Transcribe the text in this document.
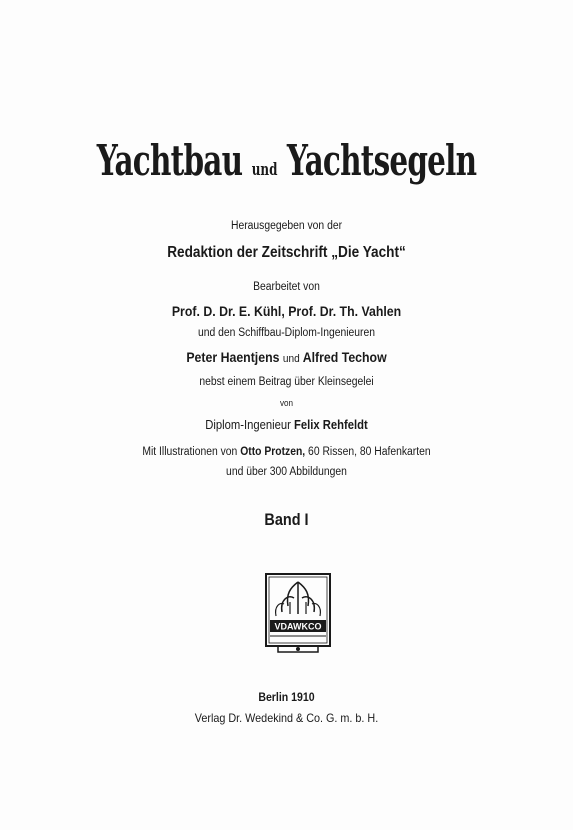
Yachtbau und Yachtsegeln
Herausgegeben von der
Redaktion der Zeitschrift „Die Yacht“
Bearbeitet von
Prof. D. Dr. E. Kühl, Prof. Dr. Th. Vahlen
und den Schiffbau-Diplom-Ingenieuren
Peter Haentjens und Alfred Techow
nebst einem Beitrag über Kleinsegelei
von
Diplom-Ingenieur Felix Rehfeldt
Mit Illustrationen von Otto Protzen, 60 Rissen, 80 Hafenkarten
und über 300 Abbildungen
Band I
VDAWKCO
Berlin 1910
Verlag Dr. Wedekind & Co. G. m. b. H.
